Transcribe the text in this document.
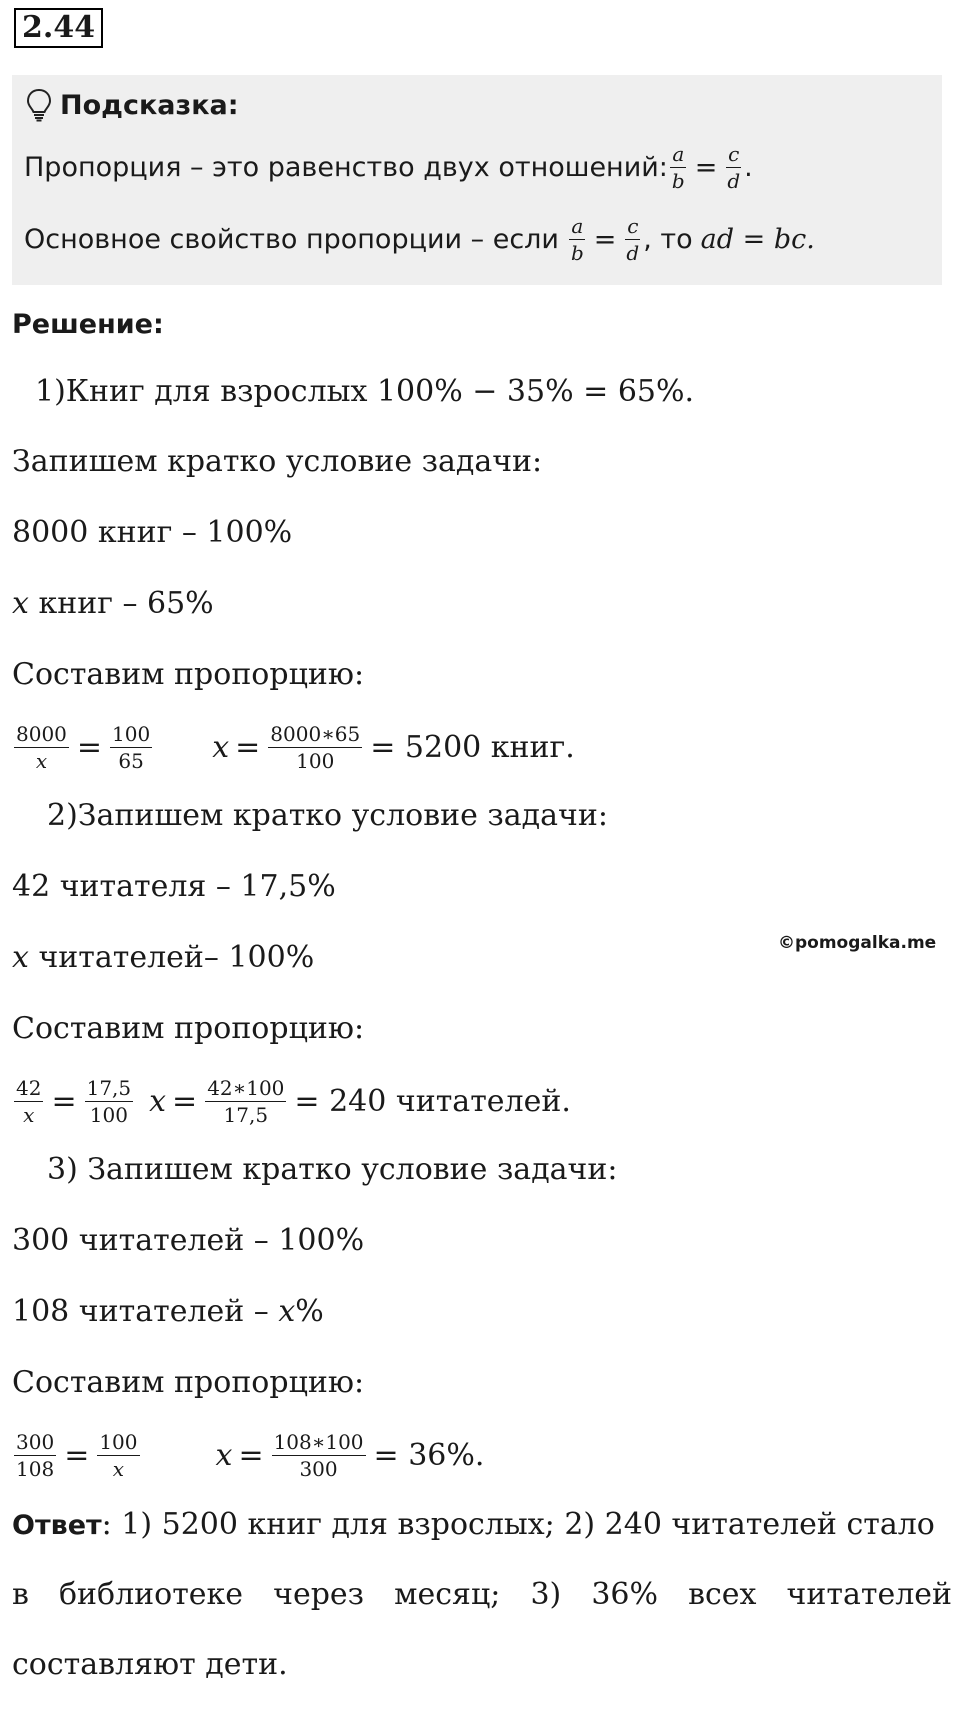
2.44
Подсказка:
Пропорция – это равенство двух отношений: $\frac{a}{b} = \frac{c}{d}$ .
Основное свойство пропорции – если $\frac{a}{b} = \frac{c}{d}$ , то ad = bc.
Решение:
1)Книг для взрослых 100% − 35% = 65%.
Запишем кратко условие задачи:
8000 книг – 100%
x книг – 65%
Составим пропорцию:
$\frac{8000}{x} = \frac{100}{65}$ $x = \frac{8000∗65}{100} = 5200$ книг.
2)Запишем кратко условие задачи:
42 читателя – 17,5%
x читателей– 100%	©pomogalka.me
Составим пропорцию:
$\frac{42}{x} = \frac{17,5}{100}$ $x = \frac{42∗100}{17,5} = 240$ читателей.
3) Запишем кратко условие задачи:
300 читателей – 100%
108 читателей – x%
Составим пропорцию:
$\frac{300}{108} = \frac{100}{x}$	$x = \frac{108∗100}{300} = 36\%$.
Ответ: 1) 5200 книг для взрослых; 2) 240 читателей стало
в библиотеке через месяц; 3) 36% всех читателей
составляют дети.
